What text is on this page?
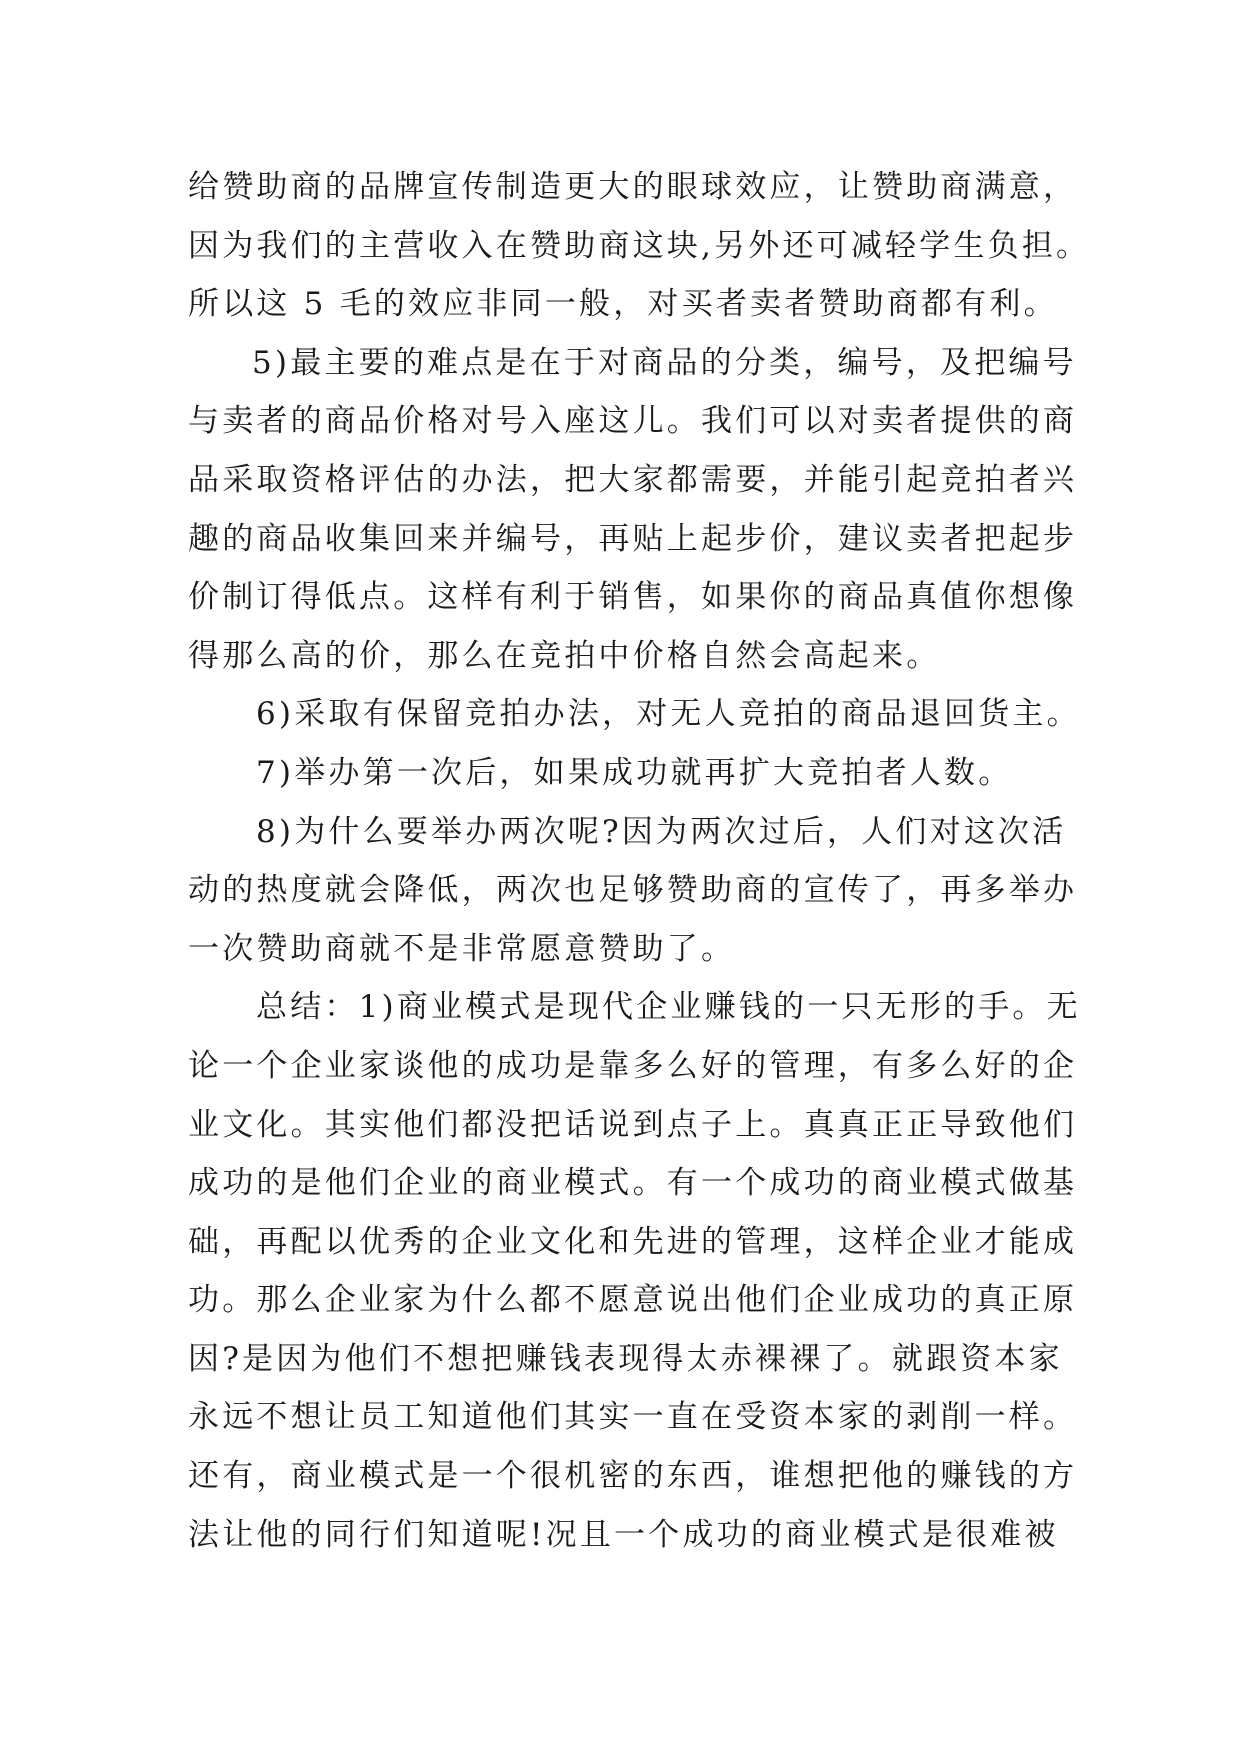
给赞助商的品牌宣传制造更大的眼球效应，让赞助商满意，
因为我们的主营收入在赞助商这块,另外还可减轻学生负担。
所以这 5 毛的效应非同一般，对买者卖者赞助商都有利。
5)最主要的难点是在于对商品的分类，编号，及把编号
与卖者的商品价格对号入座这儿。我们可以对卖者提供的商
品采取资格评估的办法，把大家都需要，并能引起竞拍者兴
趣的商品收集回来并编号，再贴上起步价，建议卖者把起步
价制订得低点。这样有利于销售，如果你的商品真值你想像
得那么高的价，那么在竞拍中价格自然会高起来。
6)采取有保留竞拍办法，对无人竞拍的商品退回货主。
7)举办第一次后，如果成功就再扩大竞拍者人数。
8)为什么要举办两次呢?因为两次过后，人们对这次活
动的热度就会降低，两次也足够赞助商的宣传了，再多举办
一次赞助商就不是非常愿意赞助了。
总结：1)商业模式是现代企业赚钱的一只无形的手。无
论一个企业家谈他的成功是靠多么好的管理，有多么好的企
业文化。其实他们都没把话说到点子上。真真正正导致他们
成功的是他们企业的商业模式。有一个成功的商业模式做基
础，再配以优秀的企业文化和先进的管理，这样企业才能成
功。那么企业家为什么都不愿意说出他们企业成功的真正原
因?是因为他们不想把赚钱表现得太赤裸裸了。就跟资本家
永远不想让员工知道他们其实一直在受资本家的剥削一样。
还有，商业模式是一个很机密的东西，谁想把他的赚钱的方
法让他的同行们知道呢!况且一个成功的商业模式是很难被
